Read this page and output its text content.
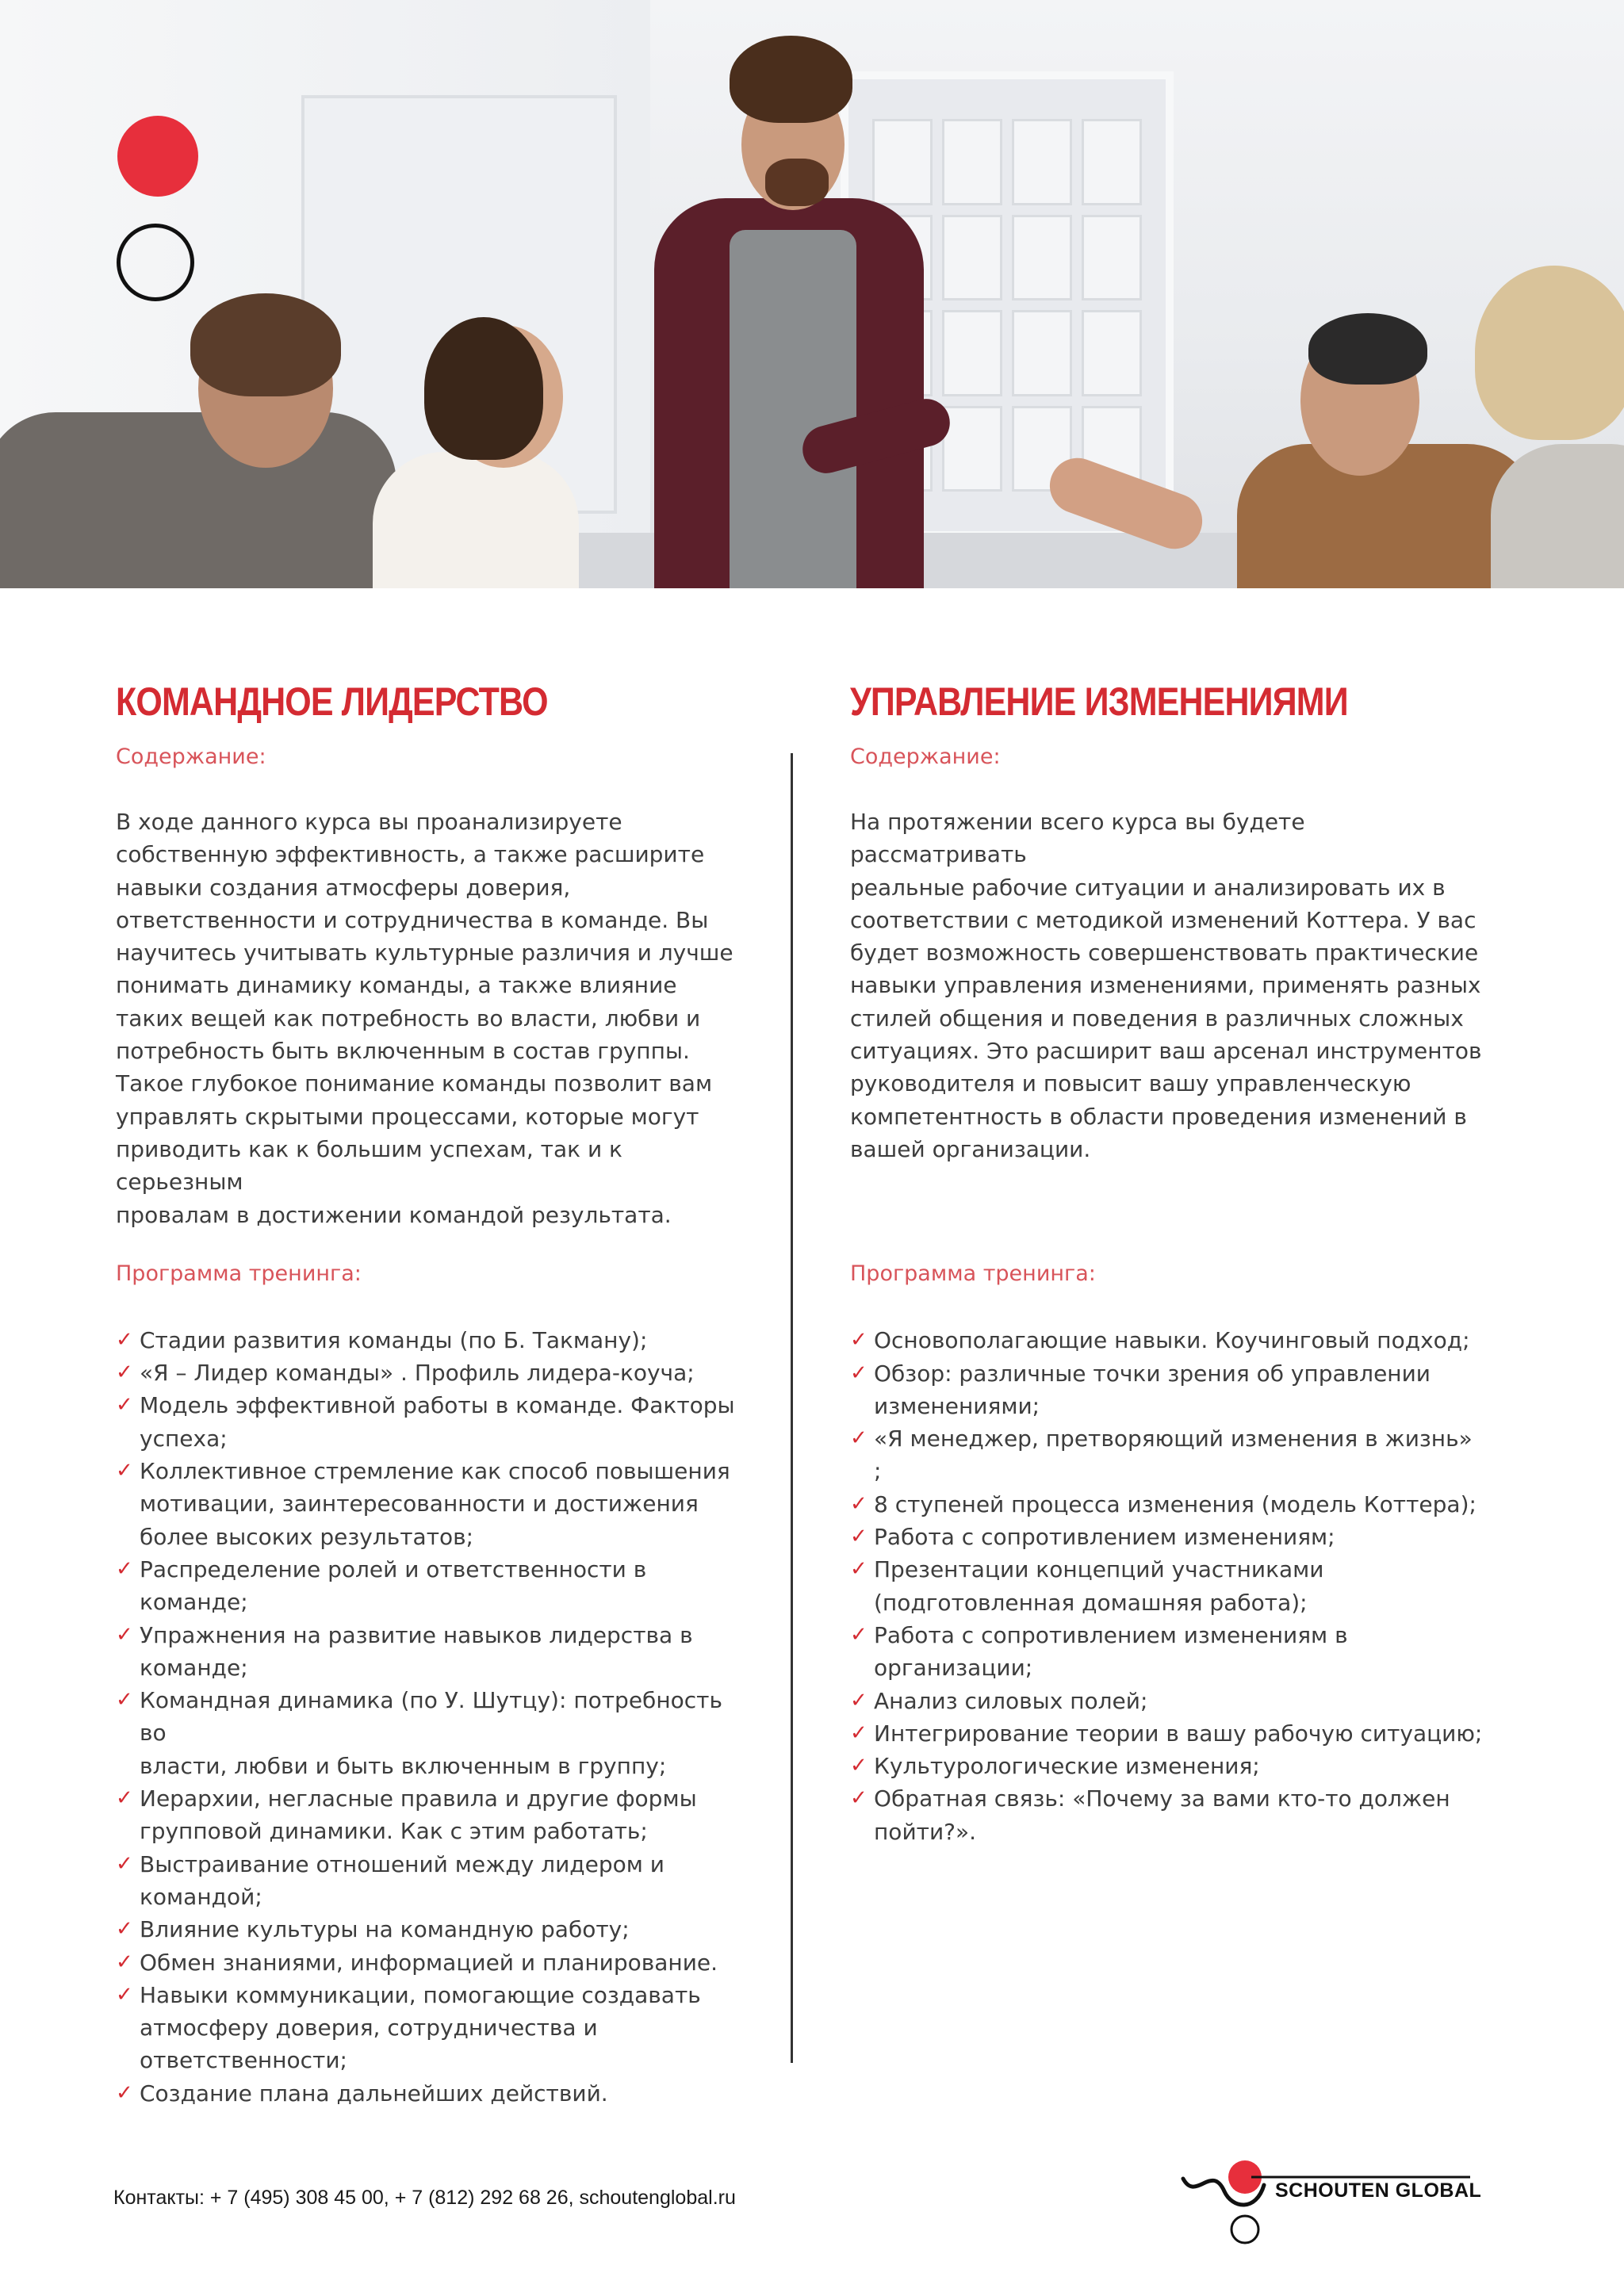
КОМАНДНОЕ ЛИДЕРСТВО

Содержание:

В ходе данного курса вы проанализируете

собственную эффективность, а также расширите

навыки создания атмосферы доверия,

ответственности и сотрудничества в команде. Вы

научитесь учитывать культурные различия и лучше

понимать динамику команды, а также влияние

таких вещей как потребность во власти, любви и

потребность быть включенным в состав группы.

Такое глубокое понимание команды позволит вам

управлять скрытыми процессами, которые могут

приводить как к большим успехам, так и к серьезным

провалам в достижении командой результата.

Программа тренинга:

✓ Стадии развития команды (по Б. Такману);
✓ «Я – Лидер команды» . Профиль лидера-коуча;
✓ Модель эффективной работы в команде. Факторы
успеха;
✓ Коллективное стремление как способ повышения
мотивации, заинтересованности и достижения
более высоких результатов;
✓ Распределение ролей и ответственности в
команде;
✓ Упражнения на развитие навыков лидерства в
команде;
✓ Командная динамика (по У. Шутцу): потребность во
власти, любви и быть включенным в группу;
✓ Иерархии, негласные правила и другие формы
групповой динамики. Как с этим работать;
✓ Выстраивание отношений между лидером и
командой;
✓ Влияние культуры на командную работу;
✓ Обмен знаниями, информацией и планирование.
✓ Навыки коммуникации, помогающие создавать
атмосферу доверия, сотрудничества и
ответственности;
✓ Создание плана дальнейших действий.
УПРАВЛЕНИЕ ИЗМЕНЕНИЯМИ

Содержание:

На протяжении всего курса вы будете рассматривать

реальные рабочие ситуации и анализировать их в

соответствии с методикой изменений Коттера. У вас

будет возможность совершенствовать практические

навыки управления изменениями, применять разных

стилей общения и поведения в различных сложных

ситуациях. Это расширит ваш арсенал инструментов

руководителя и повысит вашу управленческую

компетентность в области проведения изменений в

вашей организации.

Программа тренинга:

✓ Основополагающие навыки. Коучинговый подход;
✓ Обзор: различные точки зрения об управлении
изменениями;
✓ «Я менеджер, претворяющий изменения в жизнь» ;
✓ 8 ступеней процесса изменения (модель Коттера);
✓ Работа с сопротивлением изменениям;
✓ Презентации концепций участниками
(подготовленная домашняя работа);
✓ Работа с сопротивлением изменениям в
организации;
✓ Анализ силовых полей;
✓ Интегрирование теории в вашу рабочую ситуацию;
✓ Культурологические изменения;
✓ Обратная связь: «Почему за вами кто-то должен
пойти?».
Контакты: + 7 (495) 308 45 00, + 7 (812) 292 68 26, schoutenglobal.ru	SCHOUTEN GLOBAL
